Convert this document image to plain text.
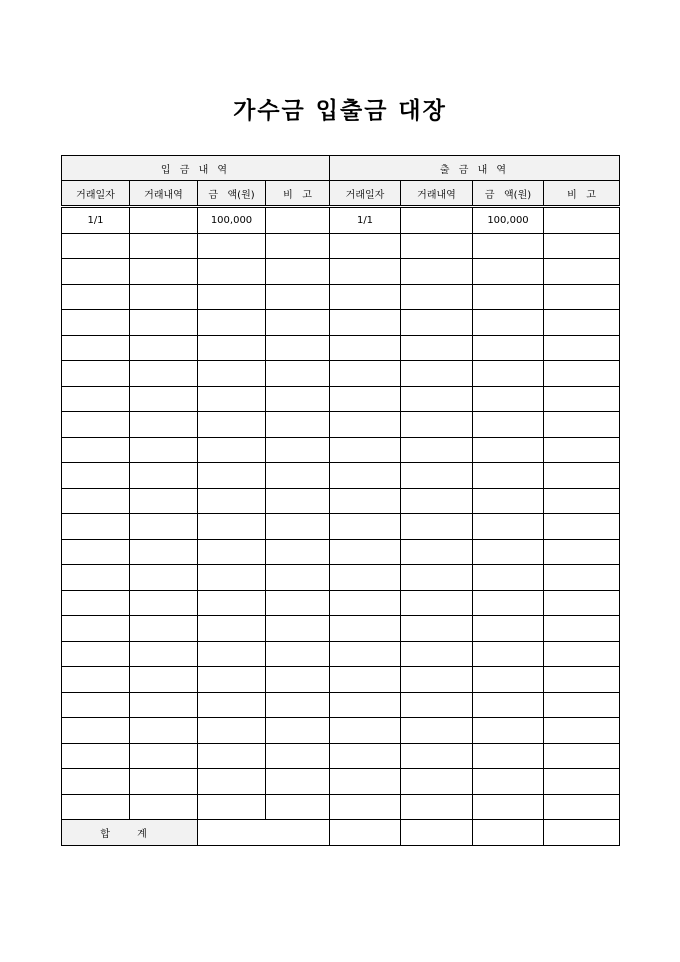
가수금 입출금 대장
입 금 내 역				출 금 내 역			
거래일자	거래내역	금   액(원)	비   고	거래일자	거래내역	금   액(원)	비   고
1/1		100,000		1/1		100,000	

합 계							
